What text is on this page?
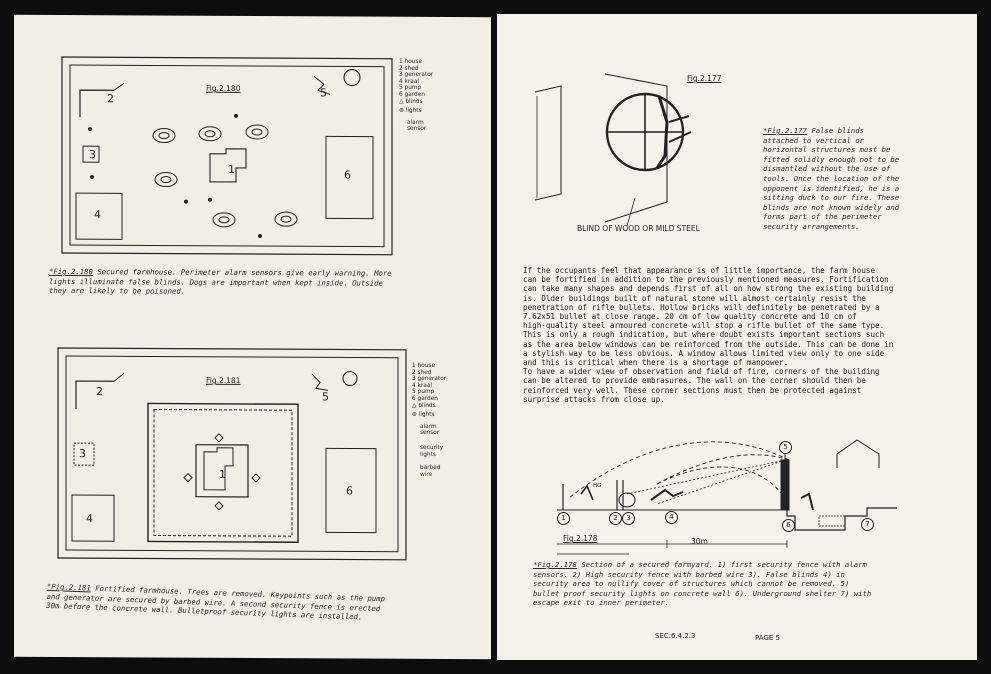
Fig.2.180
2
3
4
1	6
5
1 house
2 shed
3 generator
4 kraal
5 pump
6 garden
△ blinds
⊛ lights
alarm
sensor
*Fig.2.180 Secured farmhouse. Perimeter alarm sensors give early warning. More
lights illuminate false blinds. Dogs are important when kept inside. Outside
they are likely to be poisoned.
Fig.2.181
2
3
4
1
6
5
1 house
2 shed
3 generator
4 kraal
5 pump
6 garden
△ blinds
⊛ lights
alarm
sensor
security
lights
barbed
wire
*Fig.2.181 Fortified farmhouse. Trees are removed. Keypoints such as the pump
and generator are secured by barbed wire. A second security fence is erected
30m before the concrete wall. Bulletproof security lights are installed.
Fig.2.177
BLIND OF WOOD OR MILD STEEL
*Fig.2.177 False blinds
attached to vertical or
horizontal structures must be
fitted solidly enough not to be
dismantled without the use of
tools. Once the location of the
opponent is identified, he is a
sitting duck to our fire. These
blinds are not known widely and
forms part of the perimeter
security arrangements.
If the occupants feel that appearance is of little importance, the farm house
can be fortified in addition to the previously mentioned measures. Fortification
can take many shapes and depends first of all on how strong the existing building
is. Older buildings built of natural stone will almost certainly resist the
penetration of rifle bullets. Hollow bricks will definitely be penetrated by a
7.62x51 bullet at close range. 20 cm of low quality concrete and 10 cm of
high-quality steel armoured concrete will stop a rifle bullet of the same type.
This is only a rough indication, but where doubt exists important sections such
as the area below windows can be reinforced from the outside. This can be done in
a stylish way to be less obvious. A window allows limited view only to one side
and this is critical when there is a shortage of manpower.
To have a wider view of observation and field of fire, corners of the building
can be altered to provide embrasures. The wall on the corner should then be
reinforced very well. These corner sections must then be protected against
surprise attacks from close up.
Fig.2.178	30m
HG
1	2	3	4
5
6	7
*Fig.2.178 Section of a secured farmyard. 1) first security fence with alarm
sensors. 2) High security fence with barbed wire 3). False blinds 4) in
security area to nullify cover of structures which cannot be removed. 5)
bullet proof security lights on concrete wall 6). Underground shelter 7) with
escape exit to inner perimeter.
SEC.6.4.2.3	PAGE 5
